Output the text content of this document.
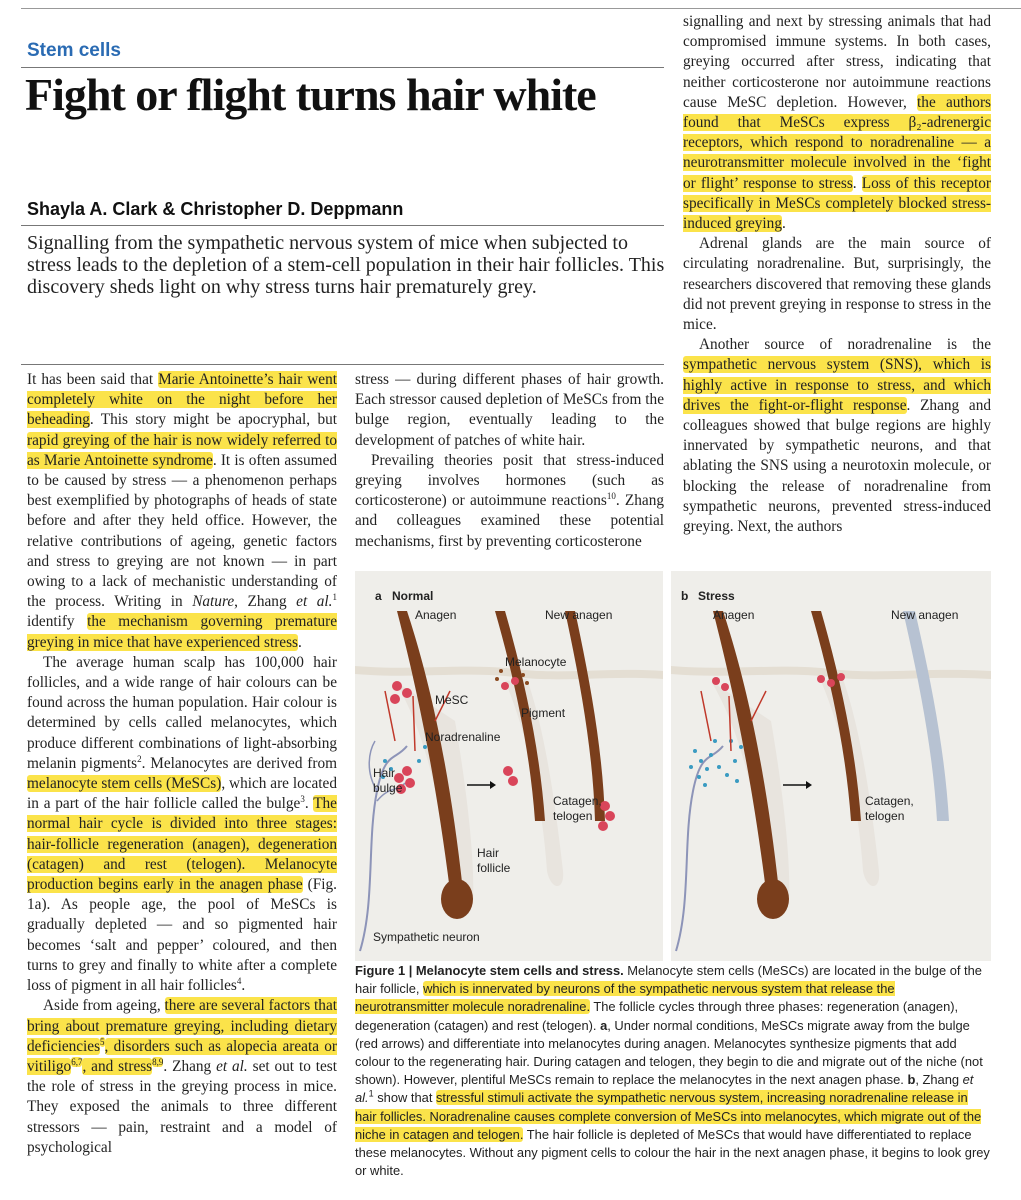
Stem cells
Fight or flight turns hair white
Shayla A. Clark & Christopher D. Deppmann
Signalling from the sympathetic nervous system of mice when subjected to stress leads to the depletion of a stem-cell population in their hair follicles. This discovery sheds light on why stress turns hair prematurely grey.

It has been said that Marie Antoinette’s hair went completely white on the night before her beheading. This story might be apocryphal, but rapid greying of the hair is now widely referred to as Marie Antoinette syndrome. It is often assumed to be caused by stress — a phenomenon perhaps best exemplified by photographs of heads of state before and after they held office. However, the relative contributions of ageing, genetic factors and stress to greying are not known — in part owing to a lack of mechanistic understanding of the process. Writing in Nature, Zhang et al.$^1$ identify the mechanism governing premature greying in mice that have experienced stress.

The average human scalp has 100,000 hair follicles, and a wide range of hair colours can be found across the human population. Hair colour is determined by cells called melanocytes, which produce different combinations of light-absorbing melanin pigments$^2$. Melanocytes are derived from melanocyte stem cells (MeSCs), which are located in a part of the hair follicle called the bulge$^3$. The normal hair cycle is divided into three stages: hair-follicle regeneration (anagen), degeneration (catagen) and rest (telogen). Melanocyte production begins early in the anagen phase (Fig. 1a). As people age, the pool of MeSCs is gradually depleted — and so pigmented hair becomes ‘salt and pepper’ coloured, and then turns to grey and finally to white after a complete loss of pigment in all hair follicles$^4$.

Aside from ageing, there are several factors that bring about premature greying, including dietary deficiencies$^5$, disorders such as alopecia areata or vitiligo$^{6,7}$, and stress$^{8,9}$. Zhang et al. set out to test the role of stress in the greying process in mice. They exposed the animals to three different stressors — pain, restraint and a model of psychological

stress — during different phases of hair growth. Each stressor caused depletion of MeSCs from the bulge region, eventually leading to the development of patches of white hair.

Prevailing theories posit that stress-induced greying involves hormones (such as corticosterone) or autoimmune reactions$^{10}$. Zhang and colleagues examined these potential mechanisms, first by preventing corticosterone

signalling and next by stressing animals that had compromised immune systems. In both cases, greying occurred after stress, indicating that neither corticosterone nor autoimmune reactions cause MeSC depletion. However, the authors found that MeSCs express β₂-adrenergic receptors, which respond to noradrenaline — a neurotransmitter molecule involved in the ‘fight or flight’ response to stress. Loss of this receptor specifically in MeSCs completely blocked stress-induced greying.

Adrenal glands are the main source of circulating noradrenaline. But, surprisingly, the researchers discovered that removing these glands did not prevent greying in response to stress in the mice.

Another source of noradrenaline is the sympathetic nervous system (SNS), which is highly active in response to stress, and which drives the fight-or-flight response. Zhang and colleagues showed that bulge regions are highly innervated by sympathetic neurons, and that ablating the SNS using a neurotoxin molecule, or blocking the release of noradrenaline from sympathetic neurons, prevented stress-induced greying. Next, the authors

a Normal
Anagen	New anagen
Melanocyte
MeSC
Pigment
Noradrenaline
Hair
bulge
Catagen,
telogen
Hair
follicle
Sympathetic neuron
b Stress
Anagen	New anagen
Catagen,
telogen
Figure 1 | Melanocyte stem cells and stress. Melanocyte stem cells (MeSCs) are located in the bulge of the hair follicle, which is innervated by neurons of the sympathetic nervous system that release the neurotransmitter molecule noradrenaline. The follicle cycles through three phases: regeneration (anagen), degeneration (catagen) and rest (telogen). a, Under normal conditions, MeSCs migrate away from the bulge (red arrows) and differentiate into melanocytes during anagen. Melanocytes synthesize pigments that add colour to the regenerating hair. During catagen and telogen, they begin to die and migrate out of the niche (not shown). However, plentiful MeSCs remain to replace the melanocytes in the next anagen phase. b, Zhang et al.$^1$ show that stressful stimuli activate the sympathetic nervous system, increasing noradrenaline release in hair follicles. Noradrenaline causes complete conversion of MeSCs into melanocytes, which migrate out of the niche in catagen and telogen. The hair follicle is depleted of MeSCs that would have differentiated to replace these melanocytes. Without any pigment cells to colour the hair in the next anagen phase, it begins to look grey or white.
